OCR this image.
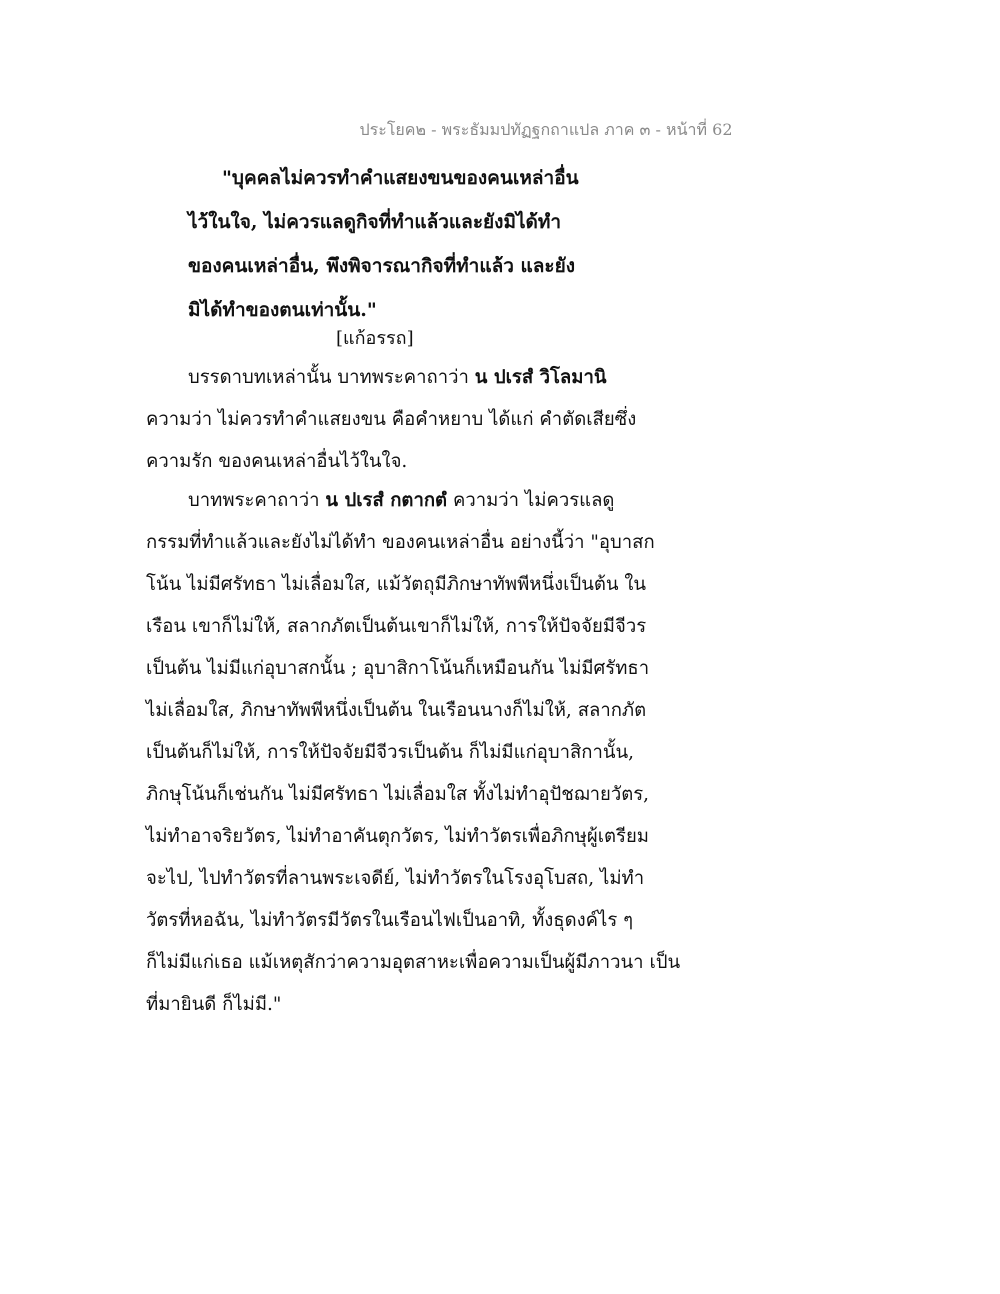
ประโยค๒ - พระธัมมปทัฏฐกถาแปล ภาค ๓ - หน้าที่ 62
"บุคคลไม่ควรทำคำแสยงขนของคนเหล่าอื่น
ไว้ในใจ, ไม่ควรแลดูกิจที่ทำแล้วและยังมิได้ทำ
ของคนเหล่าอื่น, พึงพิจารณากิจที่ทำแล้ว และยัง
มิได้ทำของตนเท่านั้น."
[แก้อรรถ]
บรรดาบทเหล่านั้น บาทพระคาถาว่า น ปเรสํ วิโลมานิ
ความว่า ไม่ควรทำคำแสยงขน คือคำหยาบ ได้แก่ คำตัดเสียซึ่ง
ความรัก ของคนเหล่าอื่นไว้ในใจ.
บาทพระคาถาว่า น ปเรสํ กตากตํ ความว่า ไม่ควรแลดู
กรรมที่ทำแล้วและยังไม่ได้ทำ ของคนเหล่าอื่น อย่างนี้ว่า "อุบาสก
โน้น ไม่มีศรัทธา ไม่เลื่อมใส, แม้วัตถุมีภิกษาทัพพีหนึ่งเป็นต้น ใน
เรือน เขาก็ไม่ให้, สลากภัตเป็นต้นเขาก็ไม่ให้, การให้ปัจจัยมีจีวร
เป็นต้น ไม่มีแก่อุบาสกนั้น ; อุบาสิกาโน้นก็เหมือนกัน ไม่มีศรัทธา
ไม่เลื่อมใส, ภิกษาทัพพีหนึ่งเป็นต้น ในเรือนนางก็ไม่ให้, สลากภัต
เป็นต้นก็ไม่ให้, การให้ปัจจัยมีจีวรเป็นต้น ก็ไม่มีแก่อุบาสิกานั้น,
ภิกษุโน้นก็เช่นกัน ไม่มีศรัทธา ไม่เลื่อมใส ทั้งไม่ทำอุปัชฌายวัตร,
ไม่ทำอาจริยวัตร, ไม่ทำอาคันตุกวัตร, ไม่ทำวัตรเพื่อภิกษุผู้เตรียม
จะไป, ไปทำวัตรที่ลานพระเจดีย์, ไม่ทำวัตรในโรงอุโบสถ, ไม่ทำ
วัตรที่หอฉัน, ไม่ทำวัตรมีวัตรในเรือนไฟเป็นอาทิ, ทั้งธุดงค์ไร ๆ
ก็ไม่มีแก่เธอ แม้เหตุสักว่าความอุตสาหะเพื่อความเป็นผู้มีภาวนา เป็น
ที่มายินดี ก็ไม่มี."
